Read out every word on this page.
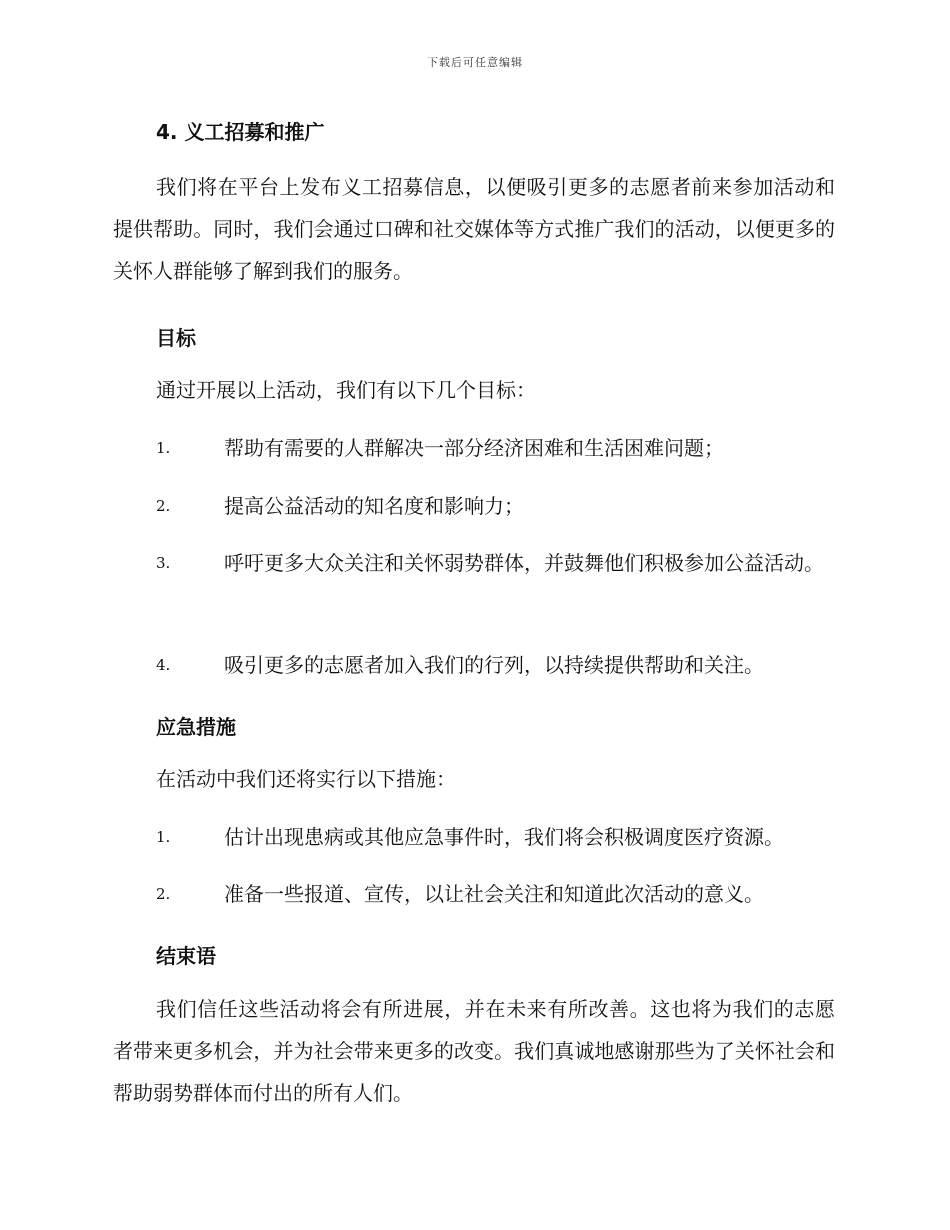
下载后可任意编辑
4. 义工招募和推广

我们将在平台上发布义工招募信息，以便吸引更多的志愿者前来参加活动和提供帮助。同时，我们会通过口碑和社交媒体等方式推广我们的活动，以便更多的关怀人群能够了解到我们的服务。

目标

通过开展以上活动，我们有以下几个目标：

1.	帮助有需要的人群解决一部分经济困难和生活困难问题；
2.	提高公益活动的知名度和影响力；
3.	呼吁更多大众关注和关怀弱势群体，并鼓舞他们积极参加公益活动。
4.	吸引更多的志愿者加入我们的行列，以持续提供帮助和关注。
应急措施

在活动中我们还将实行以下措施：

1.	估计出现患病或其他应急事件时，我们将会积极调度医疗资源。
2.	准备一些报道、宣传，以让社会关注和知道此次活动的意义。
结束语

我们信任这些活动将会有所进展，并在未来有所改善。这也将为我们的志愿者带来更多机会，并为社会带来更多的改变。我们真诚地感谢那些为了关怀社会和帮助弱势群体而付出的所有人们。
